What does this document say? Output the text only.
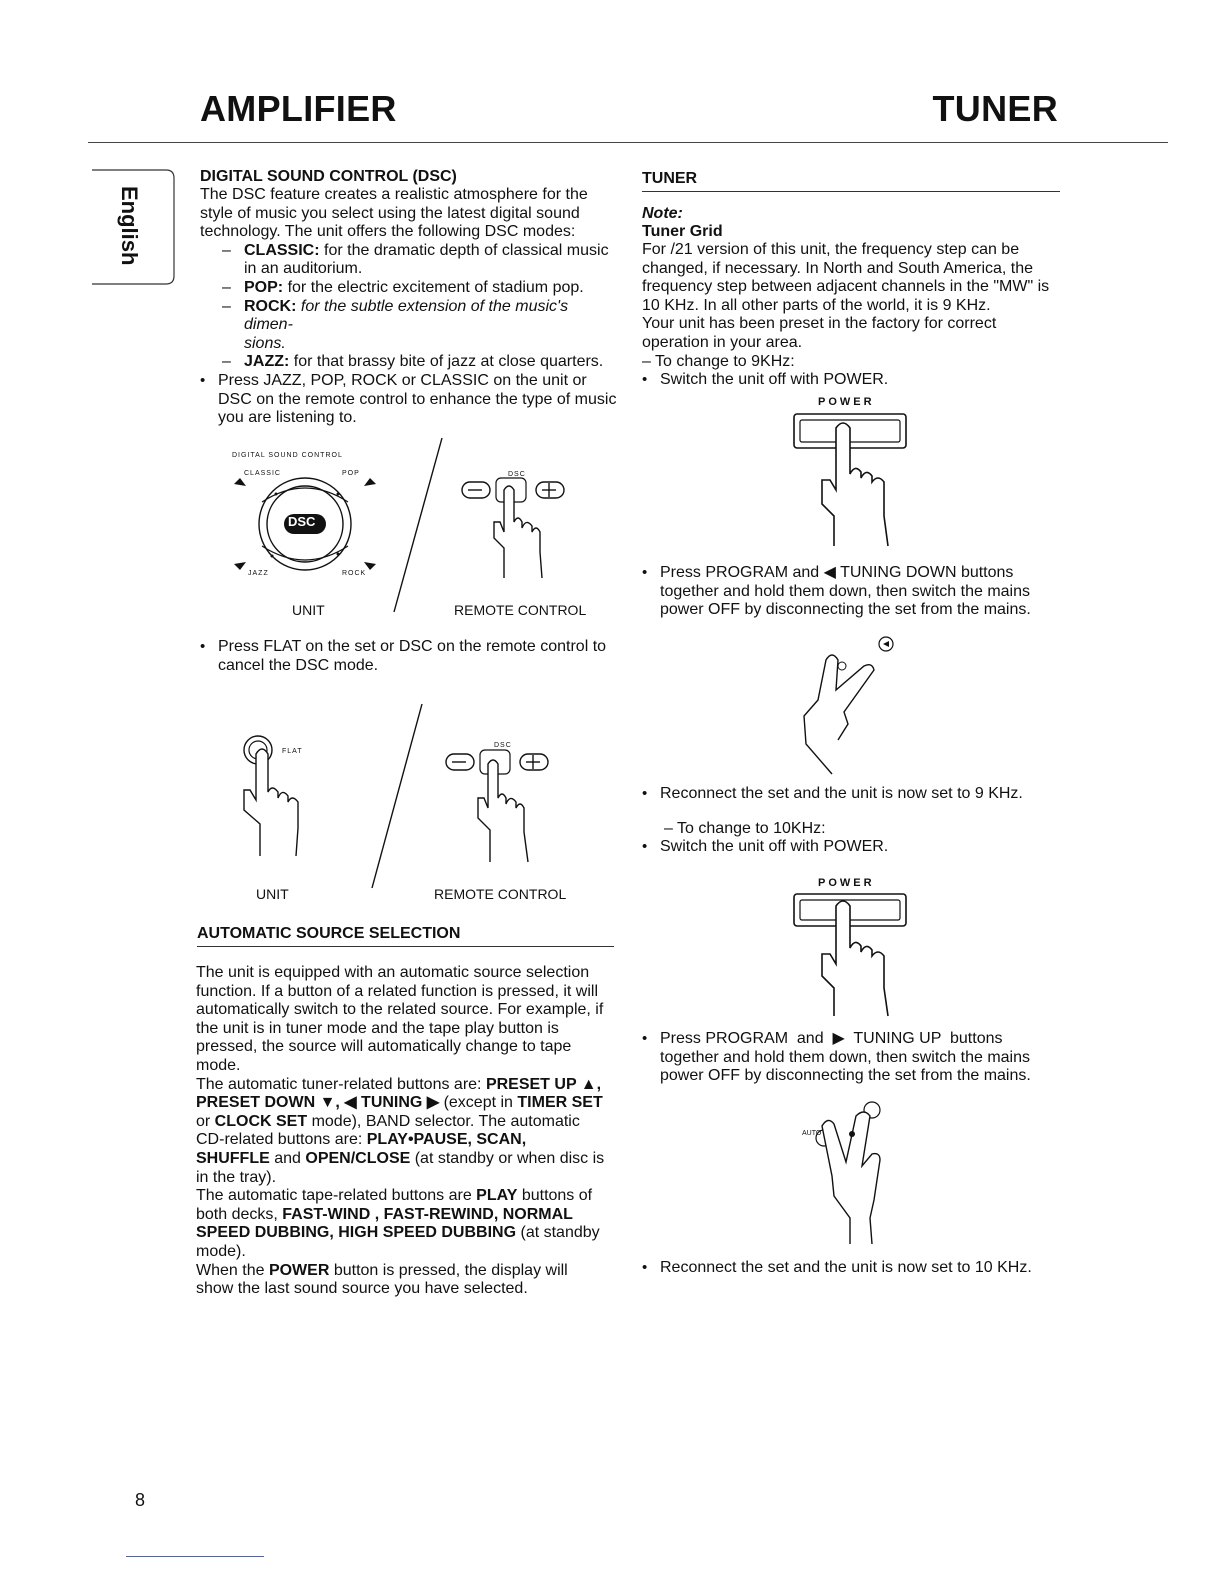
AMPLIFIER	TUNER
English
DIGITAL SOUND CONTROL (DSC)

The DSC feature creates a realistic atmosphere for the

style of music you select using the latest digital sound

technology. The unit offers the following DSC modes:

– CLASSIC: for the dramatic depth of classical music
in an auditorium.
– POP: for the electric excitement of stadium pop.
– ROCK: for the subtle extension of the music's dimen-
sions.
– JAZZ: for that brassy bite of jazz at close quarters.
• Press JAZZ, POP, ROCK or CLASSIC on the unit or
DSC on the remote control to enhance the type of music
you are listening to.
DIGITAL SOUND CONTROL
CLASSIC	POP
JAZZ	ROCK
DSC
DSC
UNIT	REMOTE CONTROL
• Press FLAT on the set or DSC on the remote control to
cancel the DSC mode.
FLAT
DSC
UNIT	REMOTE CONTROL
AUTOMATIC SOURCE SELECTION

The unit is equipped with an automatic source selection

function. If a button of a related function is pressed, it will

automatically switch to the related source. For example, if

the unit is in tuner mode and the tape play button is

pressed, the source will automatically change to tape

mode.

The automatic tuner-related buttons are: PRESET UP ▲,

PRESET DOWN ▼, ◀ TUNING ▶ (except in TIMER SET

or CLOCK SET mode), BAND selector. The automatic

CD-related buttons are: PLAY•PAUSE, SCAN,

SHUFFLE and OPEN/CLOSE (at standby or when disc is

in the tray).

The automatic tape-related buttons are PLAY buttons of

both decks, FAST-WIND , FAST-REWIND, NORMAL

SPEED DUBBING, HIGH SPEED DUBBING (at standby

mode).

When the POWER button is pressed, the display will

show the last sound source you have selected.

TUNER
Note:
Tuner Grid

For /21 version of this unit, the frequency step can be

changed, if necessary. In North and South America, the

frequency step between adjacent channels in the "MW" is

10 KHz. In all other parts of the world, it is 9 KHz.

Your unit has been preset in the factory for correct

operation in your area.

– To change to 9KHz:

• Switch the unit off with POWER.
POWER
• Press PROGRAM and ◀ TUNING DOWN buttons
together and hold them down, then switch the mains
power OFF by disconnecting the set from the mains.
• Reconnect the set and the unit is now set to 9 KHz.
– To change to 10KHz:
• Switch the unit off with POWER.
POWER
• Press PROGRAM  and  ▶  TUNING UP  buttons
together and hold them down, then switch the mains
power OFF by disconnecting the set from the mains.
AUTO
• Reconnect the set and the unit is now set to 10 KHz.
8
